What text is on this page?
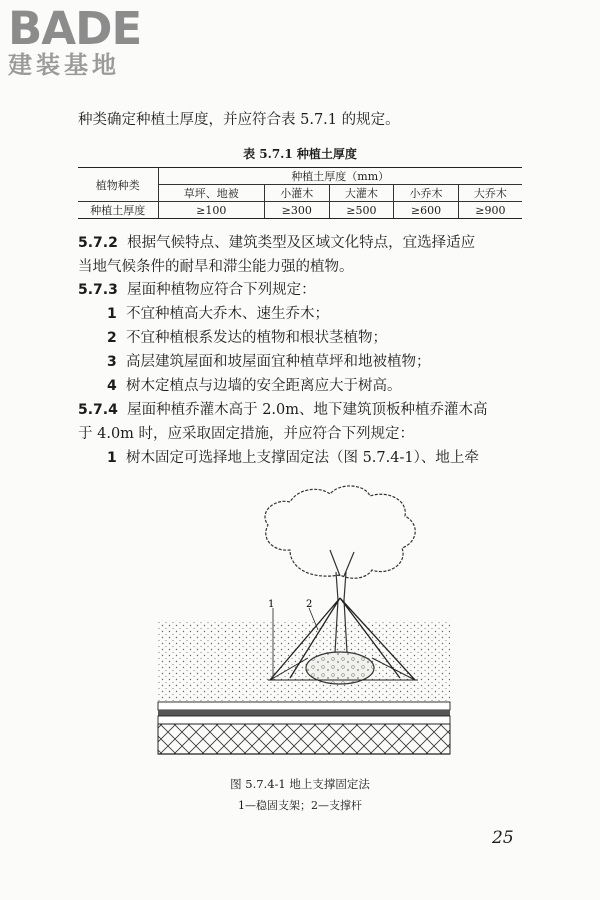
BADE
建装基地
种类确定种植土厚度，并应符合表 5.7.1 的规定。
表 5.7.1 种植土厚度
植物种类	种植土厚度（mm）				
	草坪、地被	小灌木	大灌木	小乔木	大乔木
种植土厚度	≥100	≥300	≥500	≥600	≥900
5.7.2 根据气候特点、建筑类型及区域文化特点，宜选择适应
当地气候条件的耐旱和滞尘能力强的植物。
5.7.3 屋面种植物应符合下列规定：
1 不宜种植高大乔木、速生乔木；
2 不宜种植根系发达的植物和根状茎植物；
3 高层建筑屋面和坡屋面宜种植草坪和地被植物；
4 树木定植点与边墙的安全距离应大于树高。
5.7.4 屋面种植乔灌木高于 2.0m、地下建筑顶板种植乔灌木高
于 4.0m 时，应采取固定措施，并应符合下列规定：
1 树木固定可选择地上支撑固定法（图 5.7.4-1）、地上牵
1	2
图 5.7.4-1 地上支撑固定法
1—稳固支架；2—支撑杆
25
